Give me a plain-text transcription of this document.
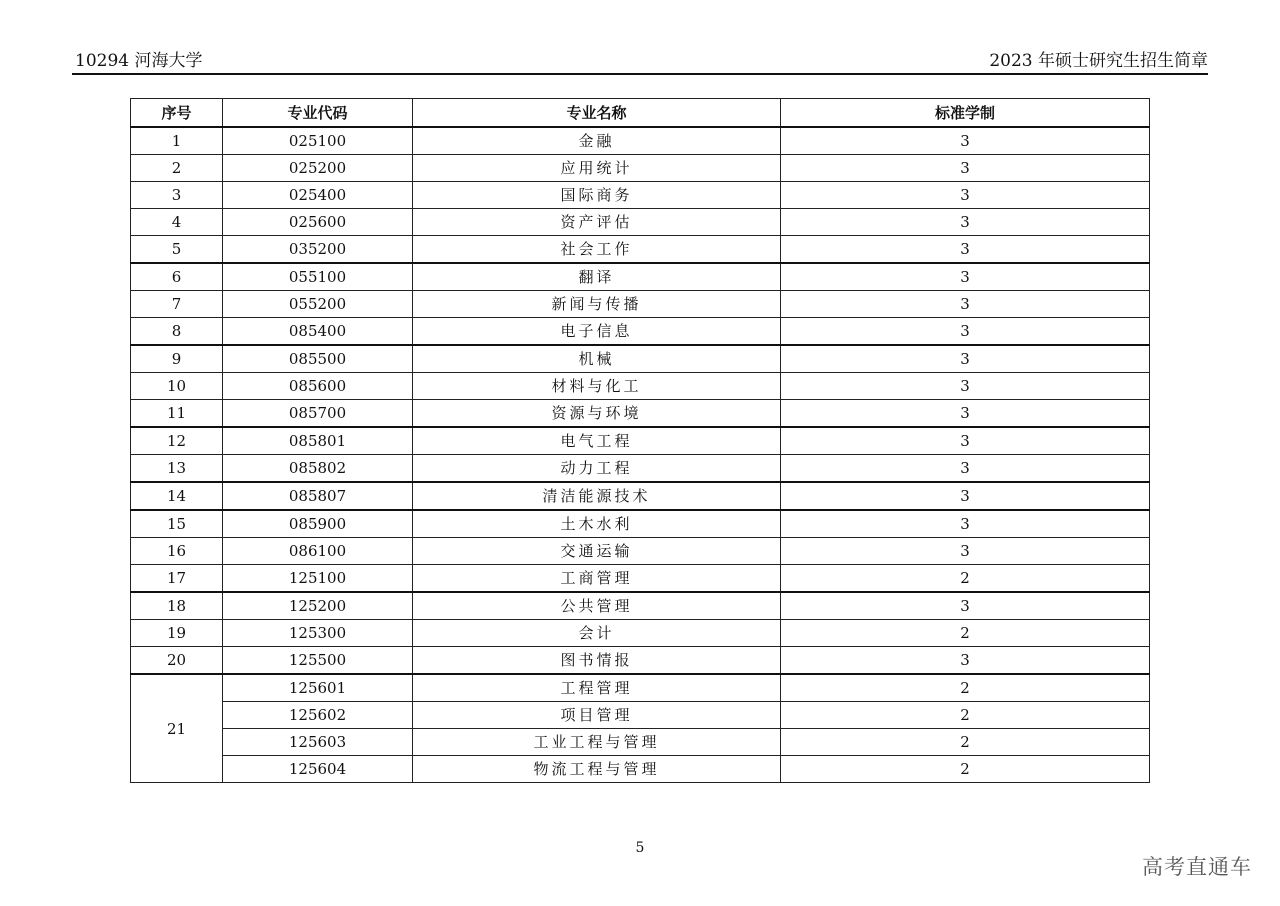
10294 河海大学	2023 年硕士研究生招生简章
序号	专业代码	专业名称	标准学制
1	025100	金融	3
2	025200	应用统计	3
3	025400	国际商务	3
4	025600	资产评估	3
5	035200	社会工作	3
6	055100	翻译	3
7	055200	新闻与传播	3
8	085400	电子信息	3
9	085500	机械	3
10	085600	材料与化工	3
11	085700	资源与环境	3
12	085801	电气工程	3
13	085802	动力工程	3
14	085807	清洁能源技术	3
15	085900	土木水利	3
16	086100	交通运输	3
17	125100	工商管理	2
18	125200	公共管理	3
19	125300	会计	2
20	125500	图书情报	3
21	125601	工程管理	2
	125602	项目管理	2
	125603	工业工程与管理	2
	125604	物流工程与管理	2
5
高考直通车
